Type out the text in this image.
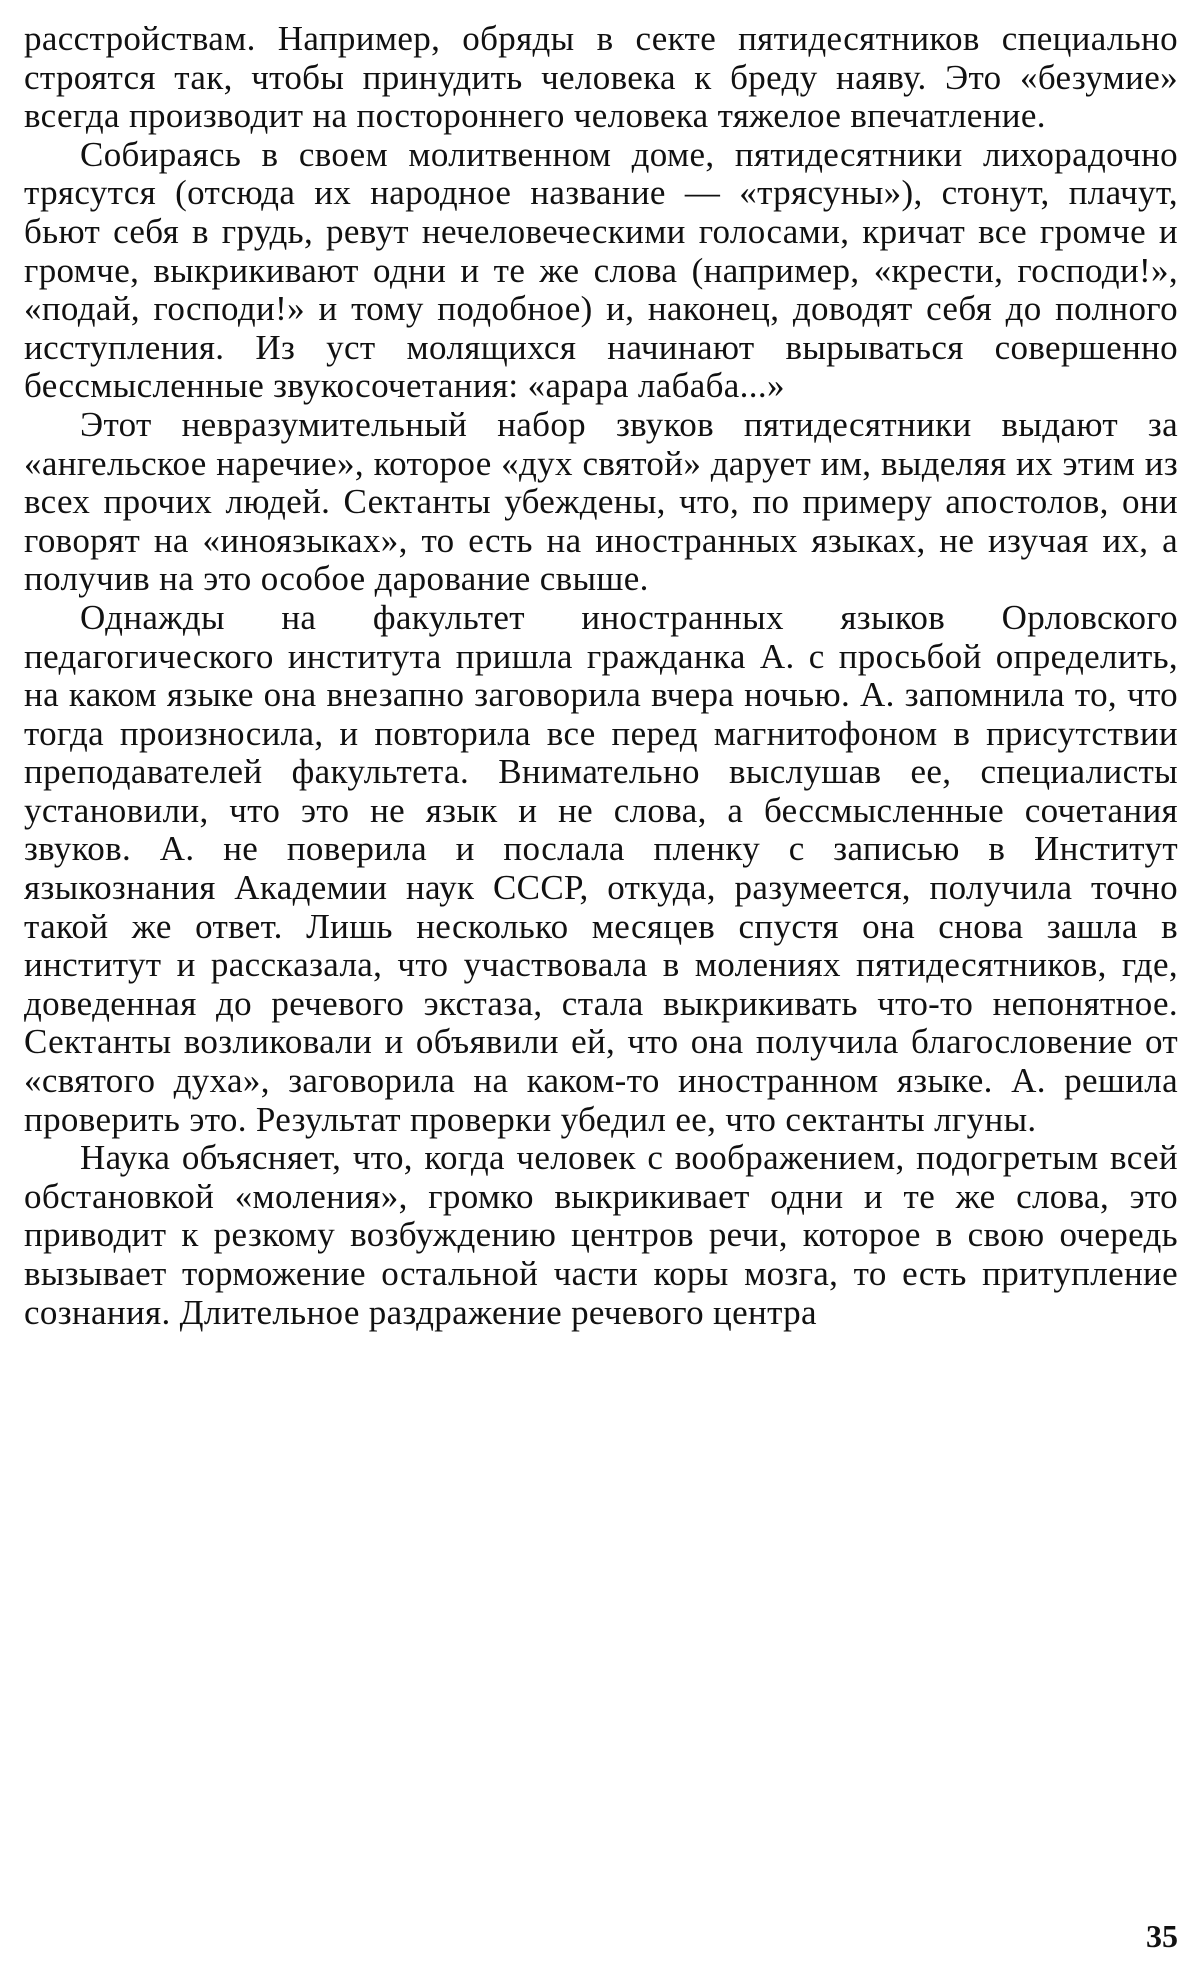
расстройствам. Например, обряды в секте пятидесятников специально строятся так, чтобы принудить человека к бреду наяву. Это «безумие» всегда производит на постороннего человека тяжелое впечатление.

Собираясь в своем молитвенном доме, пятидесятники лихорадочно трясутся (отсюда их народное название — «трясуны»), стонут, плачут, бьют себя в грудь, ревут нечеловеческими голосами, кричат все громче и громче, выкрикивают одни и те же слова (например, «крести, господи!», «подай, господи!» и тому подобное) и, наконец, доводят себя до полного исступления. Из уст молящихся начинают вырываться совершенно бессмысленные звукосочетания: «арара лабаба...»

Этот невразумительный набор звуков пятидесятники выдают за «ангельское наречие», которое «дух святой» дарует им, выделяя их этим из всех прочих людей. Сектанты убеждены, что, по примеру апостолов, они говорят на «иноязыках», то есть на иностранных языках, не изучая их, а получив на это особое дарование свыше.

Однажды на факультет иностранных языков Орловского педагогического института пришла гражданка А. с просьбой определить, на каком языке она внезапно заговорила вчера ночью. А. запомнила то, что тогда произносила, и повторила все перед магнитофоном в присутствии преподавателей факультета. Внимательно выслушав ее, специалисты установили, что это не язык и не слова, а бессмысленные сочетания звуков. А. не поверила и послала пленку с записью в Институт языкознания Академии наук СССР, откуда, разумеется, получила точно такой же ответ. Лишь несколько месяцев спустя она снова зашла в институт и рассказала, что участвовала в молениях пятидесятников, где, доведенная до речевого экстаза, стала выкрикивать что-то непонятное. Сектанты возликовали и объявили ей, что она получила благословение от «святого духа», заговорила на каком-то иностранном языке. А. решила проверить это. Результат проверки убедил ее, что сектанты лгуны.

Наука объясняет, что, когда человек с воображением, подогретым всей обстановкой «моления», громко выкрикивает одни и те же слова, это приводит к резкому возбуждению центров речи, которое в свою очередь вызывает торможение остальной части коры мозга, то есть притупление сознания. Длительное раздражение речевого центра

35
